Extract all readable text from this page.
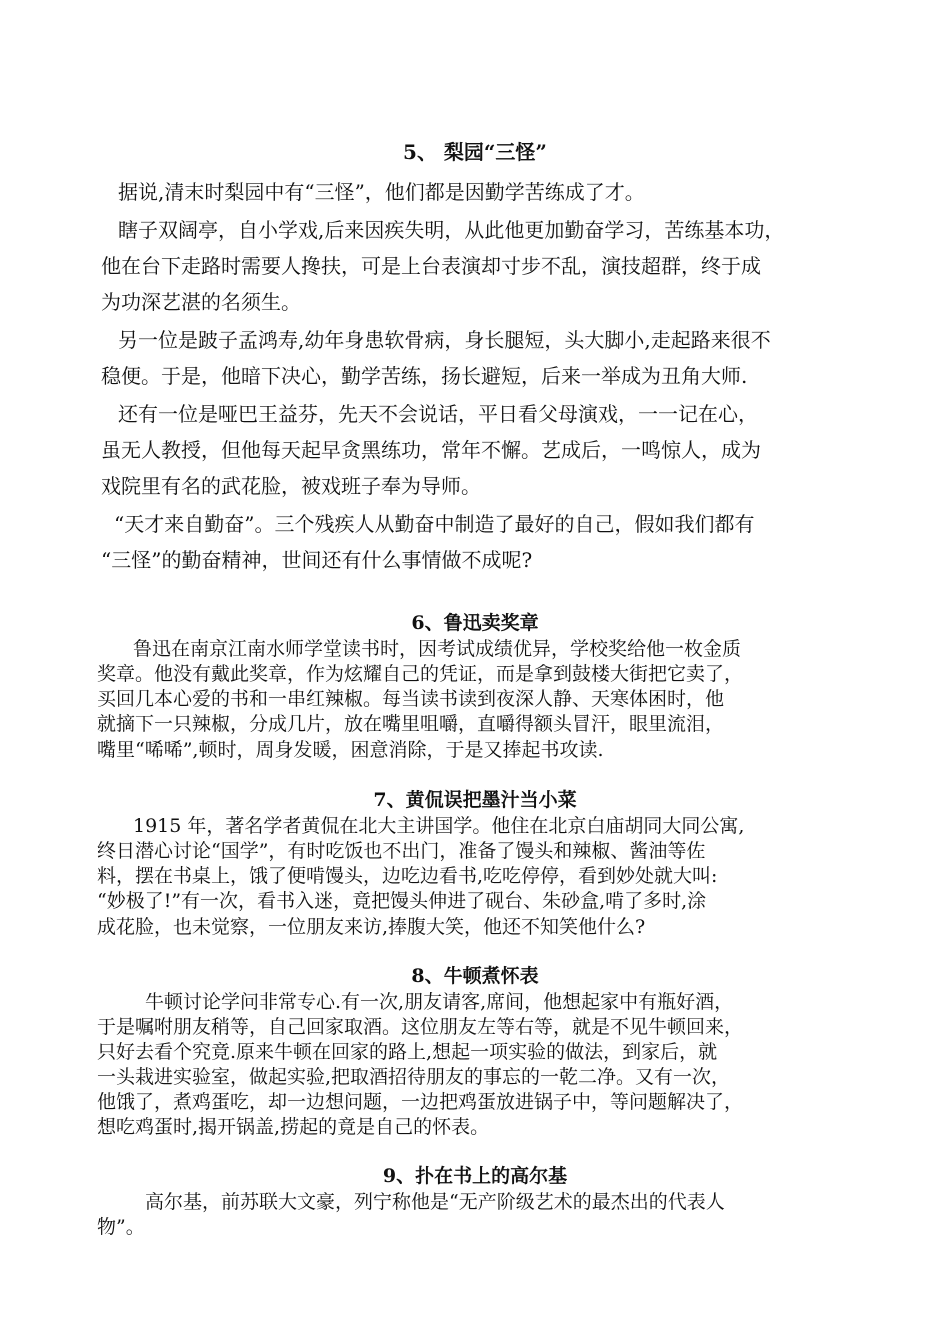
5、 梨园“三怪”

据说,清末时梨园中有“三怪”，他们都是因勤学苦练成了才。

瞎子双阔亭，自小学戏,后来因疾失明，从此他更加勤奋学习，苦练基本功，

他在台下走路时需要人搀扶，可是上台表演却寸步不乱，演技超群，终于成

为功深艺湛的名须生。

另一位是跛子孟鸿寿,幼年身患软骨病，身长腿短，头大脚小,走起路来很不

稳便。于是，他暗下决心，勤学苦练，扬长避短，后来一举成为丑角大师.

还有一位是哑巴王益芬，先天不会说话，平日看父母演戏，一一记在心，

虽无人教授，但他每天起早贪黑练功，常年不懈。艺成后，一鸣惊人，成为

戏院里有名的武花脸，被戏班子奉为导师。

“天才来自勤奋”。三个残疾人从勤奋中制造了最好的自己，假如我们都有

“三怪”的勤奋精神，世间还有什么事情做不成呢?

6、鲁迅卖奖章

鲁迅在南京江南水师学堂读书时，因考试成绩优异，学校奖给他一枚金质

奖章。他没有戴此奖章，作为炫耀自己的凭证，而是拿到鼓楼大街把它卖了，

买回几本心爱的书和一串红辣椒。每当读书读到夜深人静、天寒体困时，他

就摘下一只辣椒，分成几片，放在嘴里咀嚼，直嚼得额头冒汗，眼里流泪，

嘴里“唏唏”,顿时，周身发暖，困意消除，于是又捧起书攻读.

7、黄侃误把墨汁当小菜

1915 年，著名学者黄侃在北大主讲国学。他住在北京白庙胡同大同公寓,

终日潜心讨论“国学”，有时吃饭也不出门，准备了馒头和辣椒、酱油等佐

料，摆在书桌上，饿了便啃馒头，边吃边看书,吃吃停停，看到妙处就大叫:

“妙极了!”有一次，看书入迷，竟把馒头伸进了砚台、朱砂盒,啃了多时,涂

成花脸，也未觉察，一位朋友来访,捧腹大笑，他还不知笑他什么?

8、牛顿煮怀表

牛顿讨论学问非常专心.有一次,朋友请客,席间，他想起家中有瓶好酒，

于是嘱咐朋友稍等，自己回家取酒。这位朋友左等右等，就是不见牛顿回来，

只好去看个究竟.原来牛顿在回家的路上,想起一项实验的做法，到家后，就

一头栽进实验室，做起实验,把取酒招待朋友的事忘的一乾二净。又有一次，

他饿了，煮鸡蛋吃，却一边想问题，一边把鸡蛋放进锅子中，等问题解决了，

想吃鸡蛋时,揭开锅盖,捞起的竟是自己的怀表。

9、扑在书上的高尔基

高尔基，前苏联大文豪，列宁称他是“无产阶级艺术的最杰出的代表人

物”。
